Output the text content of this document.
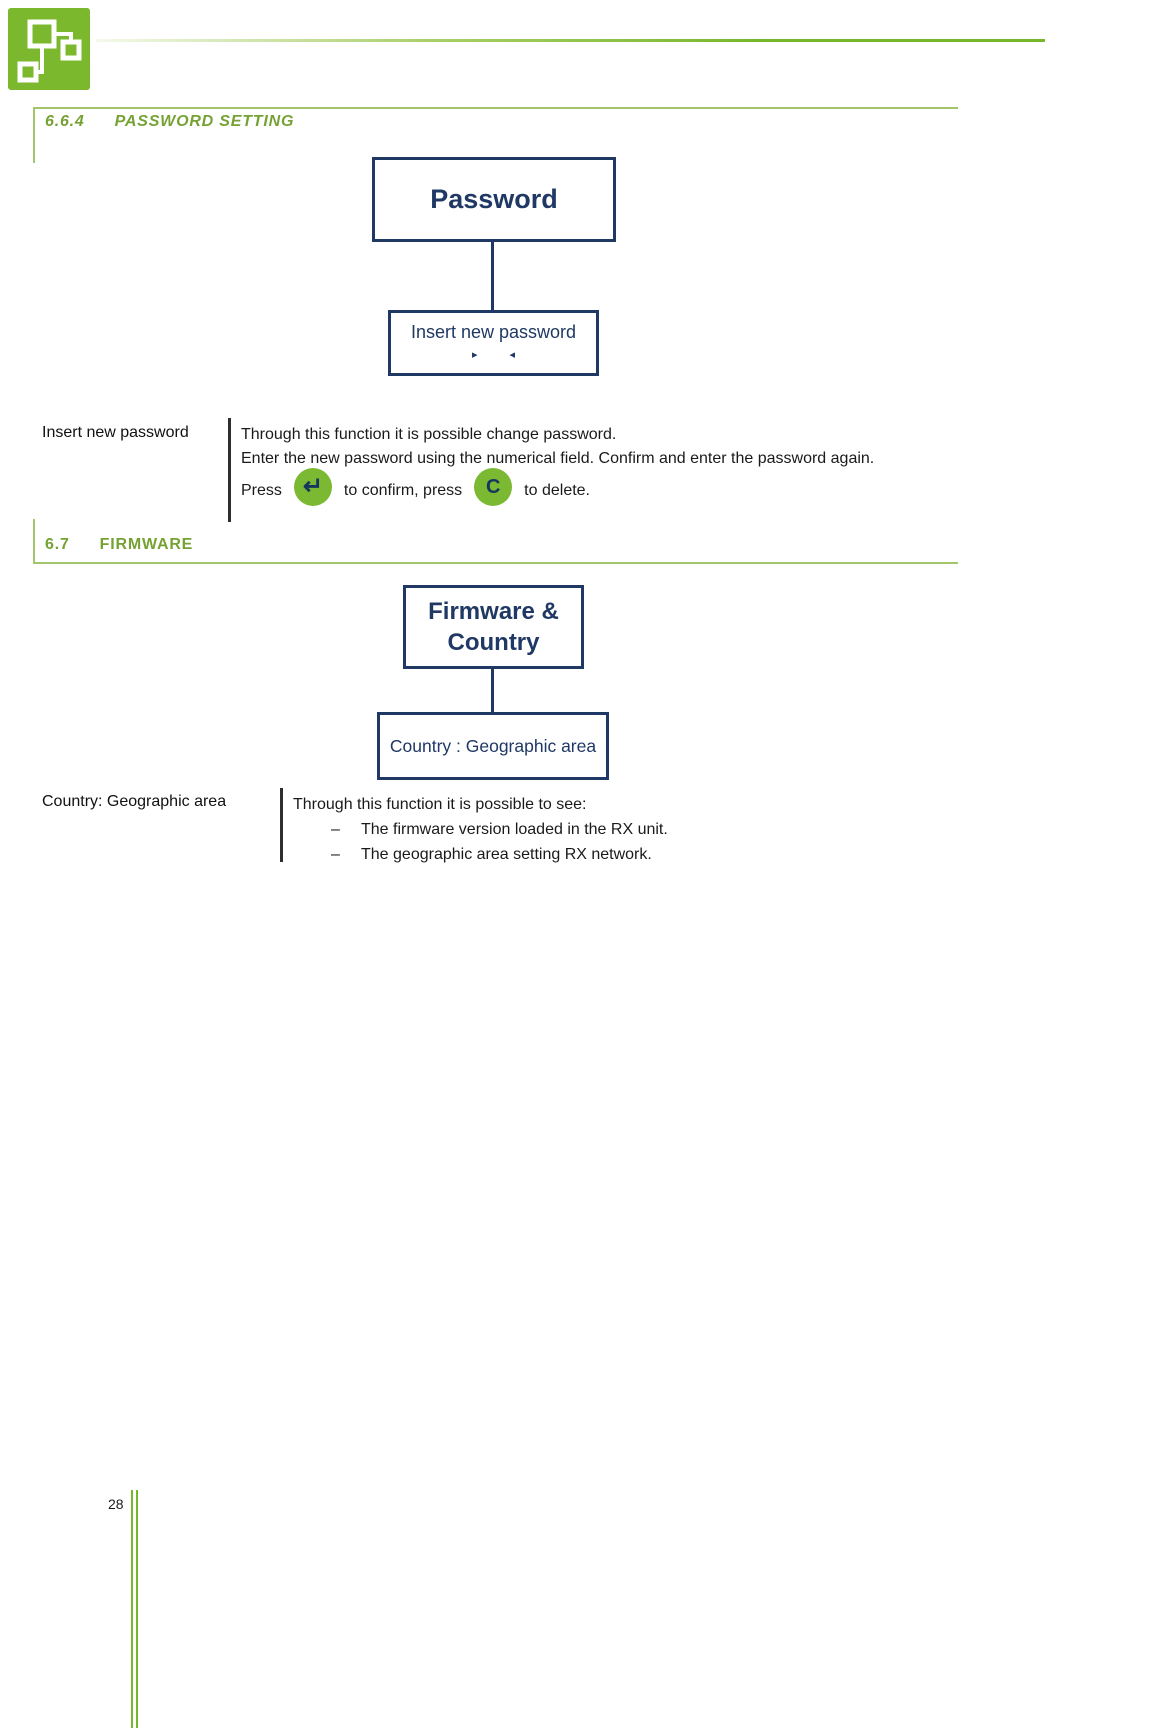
6.6.4 PASSWORD SETTING
Password
Insert new password
▸	◂
Insert new password	Through this function it is possible change password.
Enter the new password using the numerical field. Confirm and enter the password again.
Press ↵ to confirm, press C to delete.
6.7 FIRMWARE
Firmware &
Country
Country : Geographic area
Country: Geographic area	Through this function it is possible to see:
–	The firmware version loaded in the RX unit.
–	The geographic area setting RX network.
28
